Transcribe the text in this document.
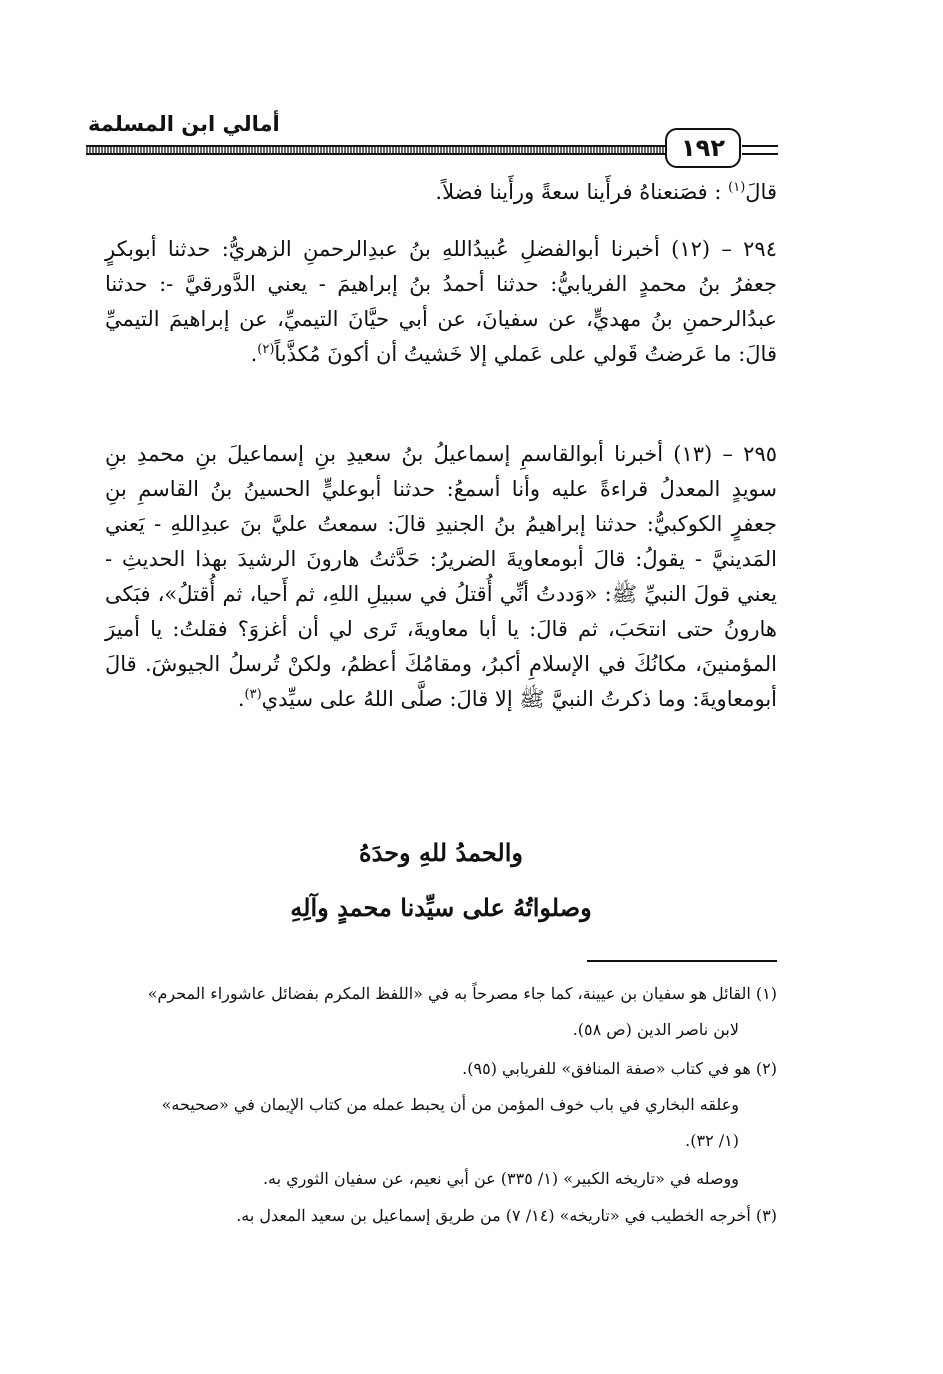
أمالي ابن المسلمة
١٩٢

قالَ$^{(١)}$ : فصَنعناهُ فرأَينا سعةً ورأَينا فضلاً.

٢٩٤ – (١٢) أخبرنا أبوالفضلِ عُبيدُاللهِ بنُ عبدِالرحمنِ الزهريُّ: حدثنا أبوبكرٍ جعفرُ بنُ محمدٍ الفريابيُّ: حدثنا أحمدُ بنُ إبراهيمَ - يعني الدَّورقيَّ -: حدثنا عبدُالرحمنِ بنُ مهديٍّ، عن سفيانَ، عن أبي حيَّانَ التيميِّ، عن إبراهيمَ التيميِّ قالَ: ما عَرضتُ قَولي على عَملي إلا خَشيتُ أن أكونَ مُكذَّباً$^{(٢)}$.

٢٩٥ – (١٣) أخبرنا أبوالقاسمِ إسماعيلُ بنُ سعيدِ بنِ إسماعيلَ بنِ محمدِ بنِ سويدٍ المعدلُ قراءةً عليه وأنا أسمعُ: حدثنا أبوعليٍّ الحسينُ بنُ القاسمِ بنِ جعفرٍ الكوكبيُّ: حدثنا إبراهيمُ بنُ الجنيدِ قالَ: سمعتُ عليَّ بنَ عبدِاللهِ - يَعني المَدينيَّ - يقولُ: قالَ أبومعاويةَ الضريرُ: حَدَّثتُ هارونَ الرشيدَ بهذا الحديثِ - يعني قولَ النبيِّ ﷺ: «وَددتُ أنِّي أُقتلُ في سبيلِ اللهِ، ثم أَحيا، ثم أُقتلُ»، فبَكى هارونُ حتى انتحَبَ، ثم قالَ: يا أبا معاويةَ، تَرى لي أن أغزوَ؟ فقلتُ: يا أميرَ المؤمنينَ، مكانُكَ في الإسلامِ أكبرُ، ومقامُكَ أعظمُ، ولكنْ تُرسلُ الجيوشَ. قالَ أبومعاويةَ: وما ذكرتُ النبيَّ ﷺ إلا قالَ: صلَّى اللهُ على سيِّدي$^{(٣)}$.

والحمدُ للهِ وحدَهُ
وصلواتُهُ على سيِّدنا محمدٍ وآلِهِ

(١) القائل هو سفيان بن عيينة، كما جاء مصرحاً به في «اللفظ المكرم بفضائل عاشوراء المحرم»

لابن ناصر الدين (ص ٥٨).

(٢) هو في كتاب «صفة المنافق» للفريابي (٩٥).

وعلقه البخاري في باب خوف المؤمن من أن يحبط عمله من كتاب الإيمان في «صحيحه»

(١/ ٣٢).

ووصله في «تاريخه الكبير» (١/ ٣٣٥) عن أبي نعيم، عن سفيان الثوري به.

(٣) أخرجه الخطيب في «تاريخه» (١٤/ ٧) من طريق إسماعيل بن سعيد المعدل به.
